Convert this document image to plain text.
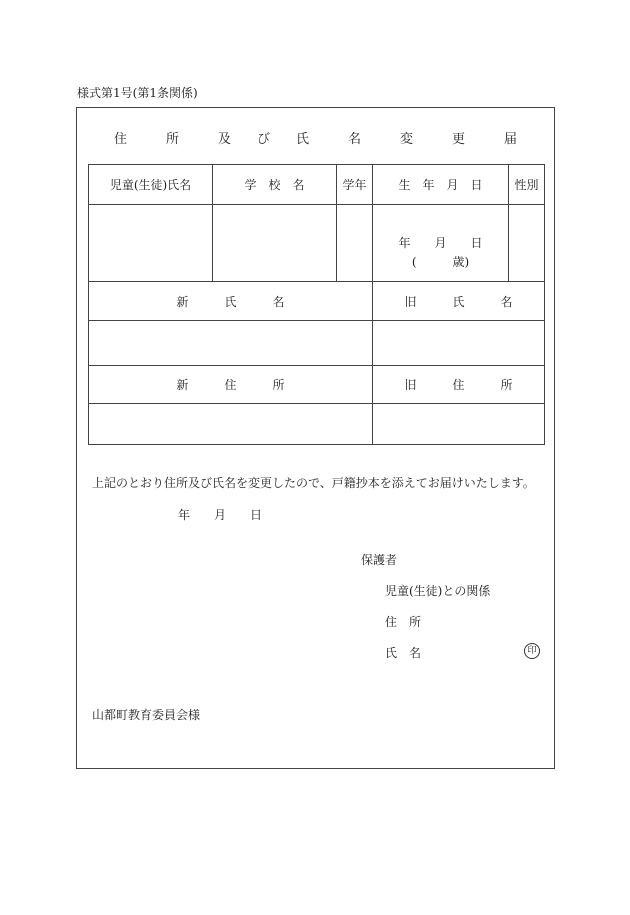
様式第1号(第1条関係)
住　　　所　　　及　　び　　氏　　　名　　　変　　　更　　　届
児童(生徒)氏名	学　校　名	学年	生　年　月　日	性別

			年　　月　　日
(　　　歳)	

新　　　氏　　　名			旧　　　氏　　　名	

新　　　住　　　所			旧　　　住　　　所	

上記のとおり住所及び氏名を変更したので、戸籍抄本を添えてお届けいたします。
年　　月　　日
保護者
児童(生徒)との関係
住　所
氏　名	印
山都町教育委員会様
